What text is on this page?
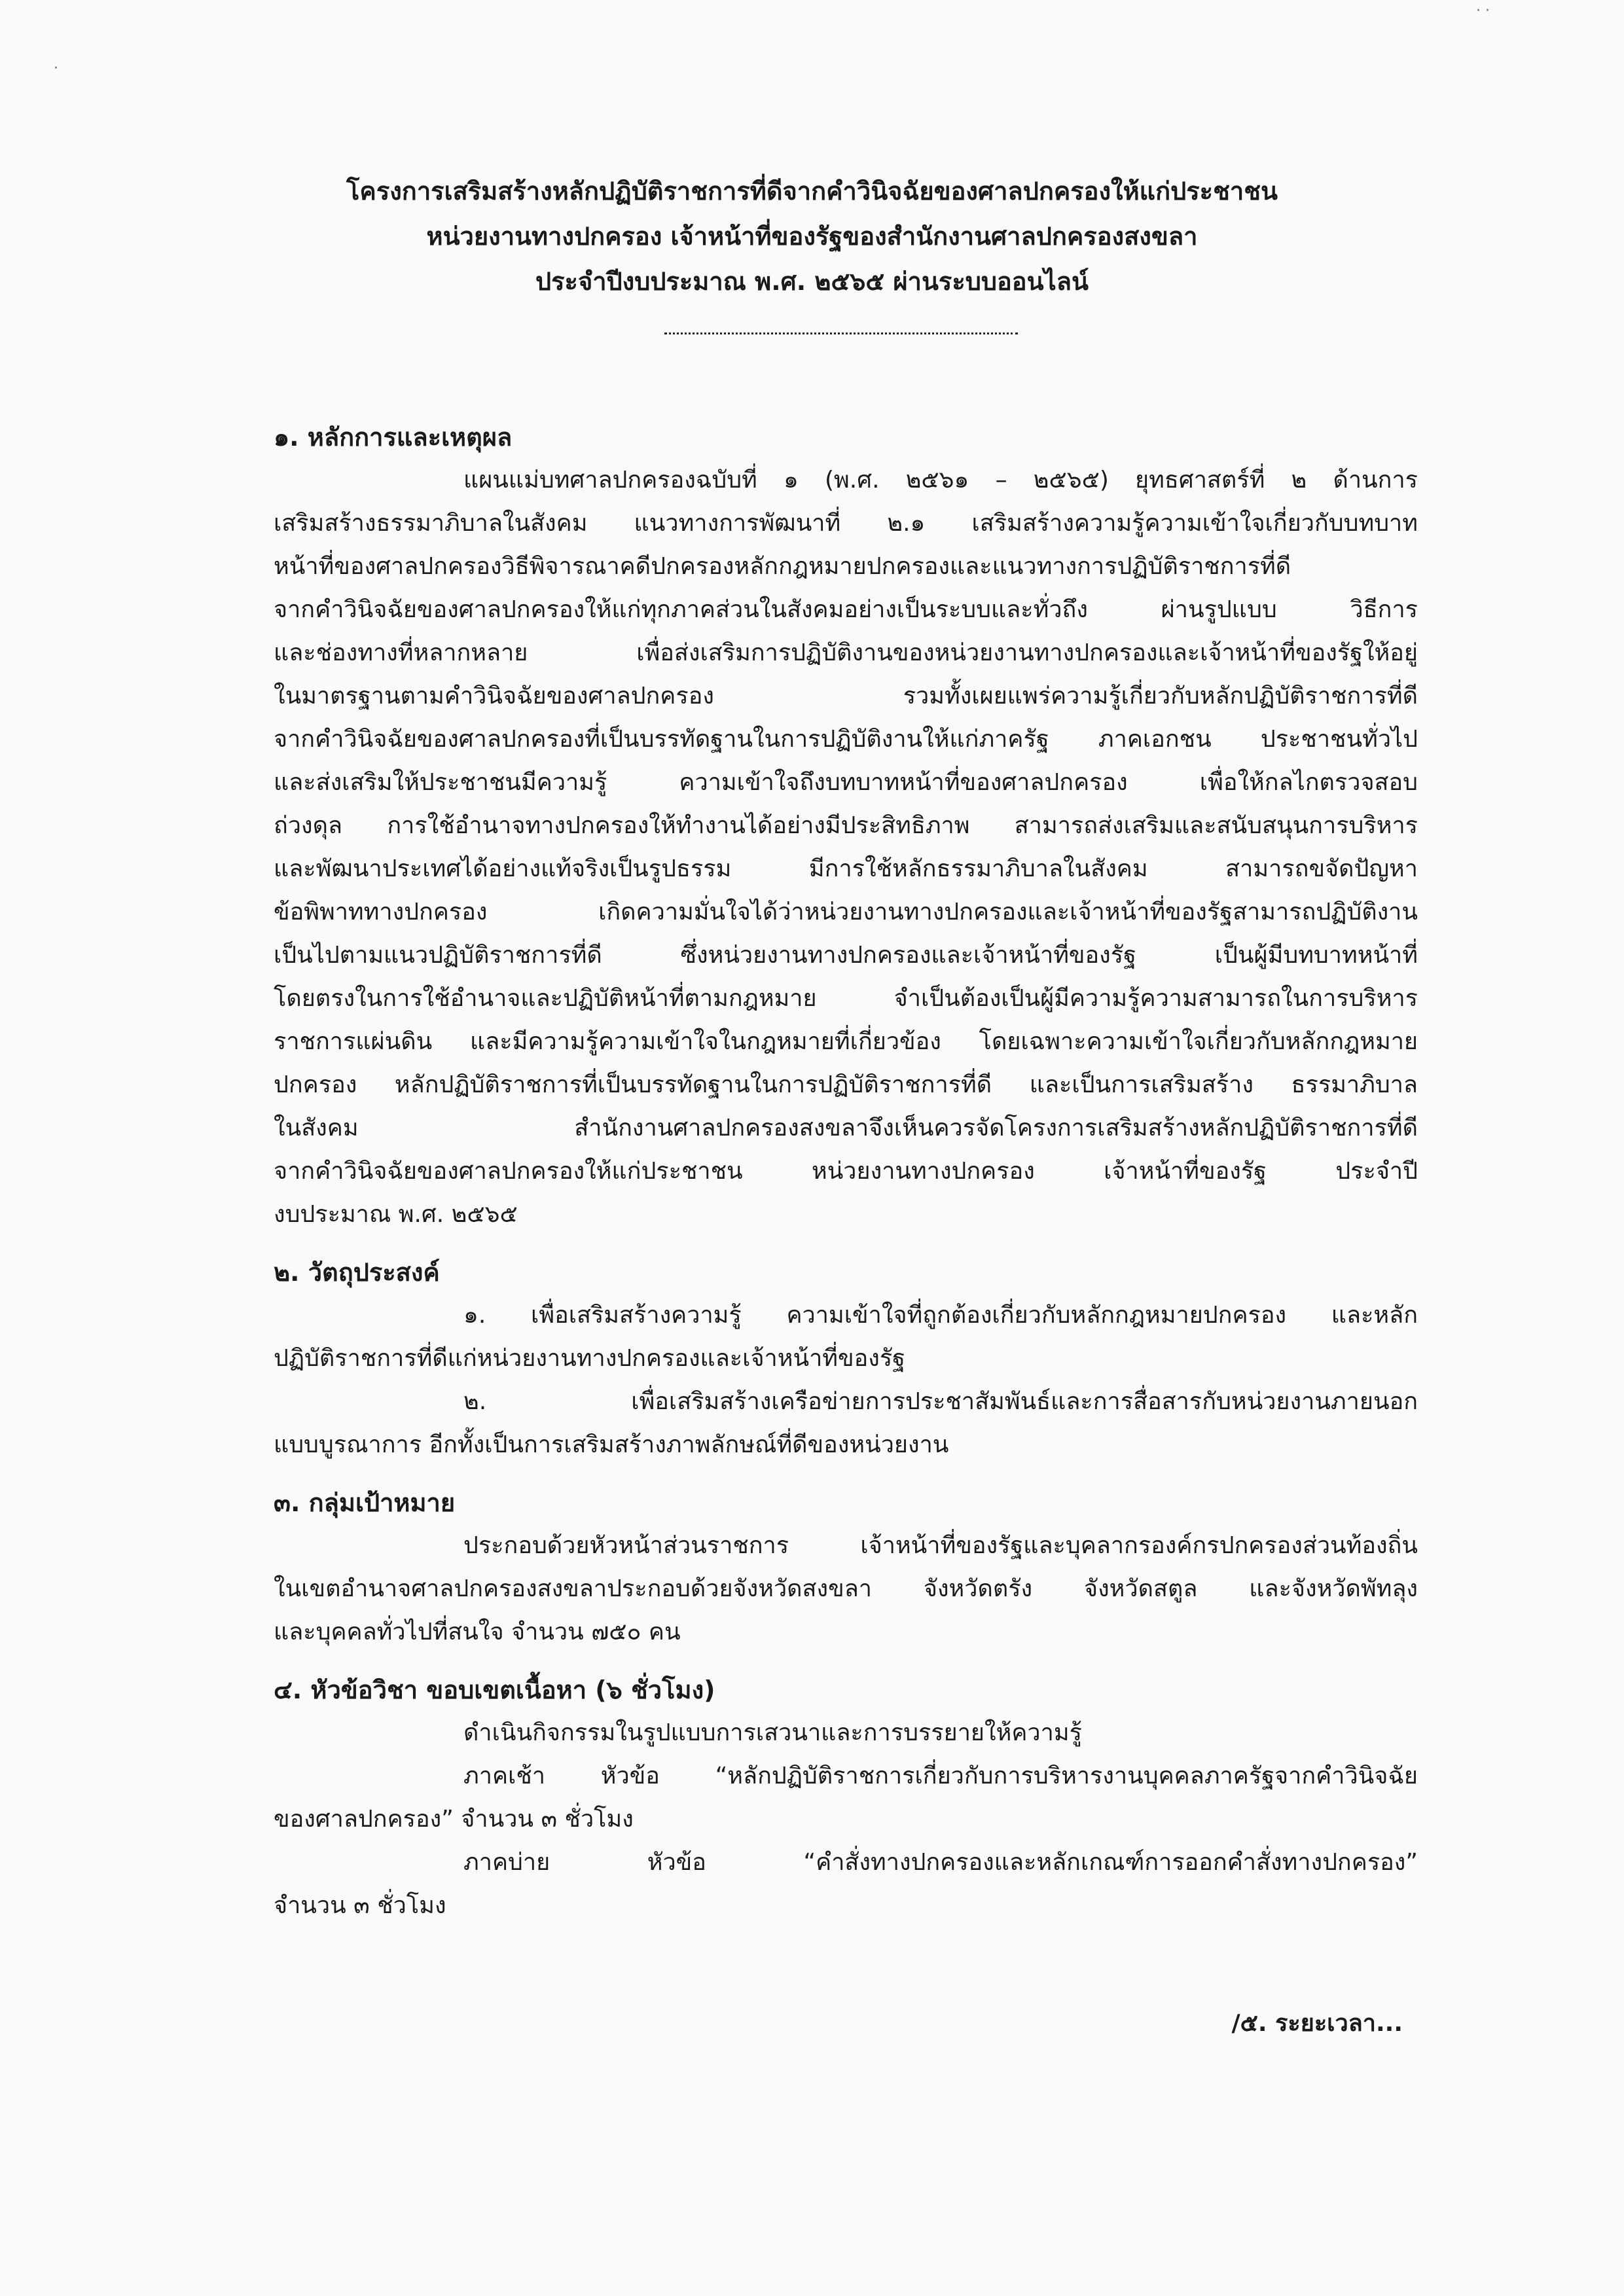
· ·
·
โครงการเสริมสร้างหลักปฏิบัติราชการที่ดีจากคำวินิจฉัยของศาลปกครองให้แก่ประชาชน
หน่วยงานทางปกครอง เจ้าหน้าที่ของรัฐของสำนักงานศาลปกครองสงขลา
ประจำปีงบประมาณ พ.ศ. ๒๕๖๕ ผ่านระบบออนไลน์
๑. หลักการและเหตุผล

แผนแม่บทศาลปกครองฉบับที่ ๑ (พ.ศ. ๒๕๖๑ – ๒๕๖๕) ยุทธศาสตร์ที่ ๒ ด้านการ

เสริมสร้างธรรมาภิบาลในสังคม แนวทางการพัฒนาที่ ๒.๑ เสริมสร้างความรู้ความเข้าใจเกี่ยวกับบทบาท

หน้าที่ของศาลปกครองวิธีพิจารณาคดีปกครองหลักกฎหมายปกครองและแนวทางการปฏิบัติราชการที่ดี

จากคำวินิจฉัยของศาลปกครองให้แก่ทุกภาคส่วนในสังคมอย่างเป็นระบบและทั่วถึง ผ่านรูปแบบ วิธีการ

และช่องทางที่หลากหลาย เพื่อส่งเสริมการปฏิบัติงานของหน่วยงานทางปกครองและเจ้าหน้าที่ของรัฐให้อยู่

ในมาตรฐานตามคำวินิจฉัยของศาลปกครอง รวมทั้งเผยแพร่ความรู้เกี่ยวกับหลักปฏิบัติราชการที่ดี

จากคำวินิจฉัยของศาลปกครองที่เป็นบรรทัดฐานในการปฏิบัติงานให้แก่ภาครัฐ ภาคเอกชน ประชาชนทั่วไป

และส่งเสริมให้ประชาชนมีความรู้ ความเข้าใจถึงบทบาทหน้าที่ของศาลปกครอง เพื่อให้กลไกตรวจสอบ

ถ่วงดุล การใช้อำนาจทางปกครองให้ทำงานได้อย่างมีประสิทธิภาพ สามารถส่งเสริมและสนับสนุนการบริหาร

และพัฒนาประเทศได้อย่างแท้จริงเป็นรูปธรรม มีการใช้หลักธรรมาภิบาลในสังคม สามารถขจัดปัญหา

ข้อพิพาททางปกครอง เกิดความมั่นใจได้ว่าหน่วยงานทางปกครองและเจ้าหน้าที่ของรัฐสามารถปฏิบัติงาน

เป็นไปตามแนวปฏิบัติราชการที่ดี ซึ่งหน่วยงานทางปกครองและเจ้าหน้าที่ของรัฐ เป็นผู้มีบทบาทหน้าที่

โดยตรงในการใช้อำนาจและปฏิบัติหน้าที่ตามกฎหมาย จำเป็นต้องเป็นผู้มีความรู้ความสามารถในการบริหาร

ราชการแผ่นดิน และมีความรู้ความเข้าใจในกฎหมายที่เกี่ยวข้อง โดยเฉพาะความเข้าใจเกี่ยวกับหลักกฎหมาย

ปกครอง หลักปฏิบัติราชการที่เป็นบรรทัดฐานในการปฏิบัติราชการที่ดี และเป็นการเสริมสร้าง ธรรมาภิบาล

ในสังคม สำนักงานศาลปกครองสงขลาจึงเห็นควรจัดโครงการเสริมสร้างหลักปฏิบัติราชการที่ดี

จากคำวินิจฉัยของศาลปกครองให้แก่ประชาชน หน่วยงานทางปกครอง เจ้าหน้าที่ของรัฐ ประจำปี

งบประมาณ พ.ศ. ๒๕๖๕

๒. วัตถุประสงค์

๑. เพื่อเสริมสร้างความรู้ ความเข้าใจที่ถูกต้องเกี่ยวกับหลักกฎหมายปกครอง และหลัก

ปฏิบัติราชการที่ดีแก่หน่วยงานทางปกครองและเจ้าหน้าที่ของรัฐ

๒. เพื่อเสริมสร้างเครือข่ายการประชาสัมพันธ์และการสื่อสารกับหน่วยงานภายนอก

แบบบูรณาการ อีกทั้งเป็นการเสริมสร้างภาพลักษณ์ที่ดีของหน่วยงาน

๓. กลุ่มเป้าหมาย

ประกอบด้วยหัวหน้าส่วนราชการ เจ้าหน้าที่ของรัฐและบุคลากรองค์กรปกครองส่วนท้องถิ่น

ในเขตอำนาจศาลปกครองสงขลาประกอบด้วยจังหวัดสงขลา จังหวัดตรัง จังหวัดสตูล และจังหวัดพัทลุง

และบุคคลทั่วไปที่สนใจ จำนวน ๗๕๐ คน

๔. หัวข้อวิชา ขอบเขตเนื้อหา (๖ ชั่วโมง)

ดำเนินกิจกรรมในรูปแบบการเสวนาและการบรรยายให้ความรู้

ภาคเช้า หัวข้อ “หลักปฏิบัติราชการเกี่ยวกับการบริหารงานบุคคลภาครัฐจากคำวินิจฉัย

ของศาลปกครอง” จำนวน ๓ ชั่วโมง

ภาคบ่าย หัวข้อ “คำสั่งทางปกครองและหลักเกณฑ์การออกคำสั่งทางปกครอง”

จำนวน ๓ ชั่วโมง

/๕. ระยะเวลา...
